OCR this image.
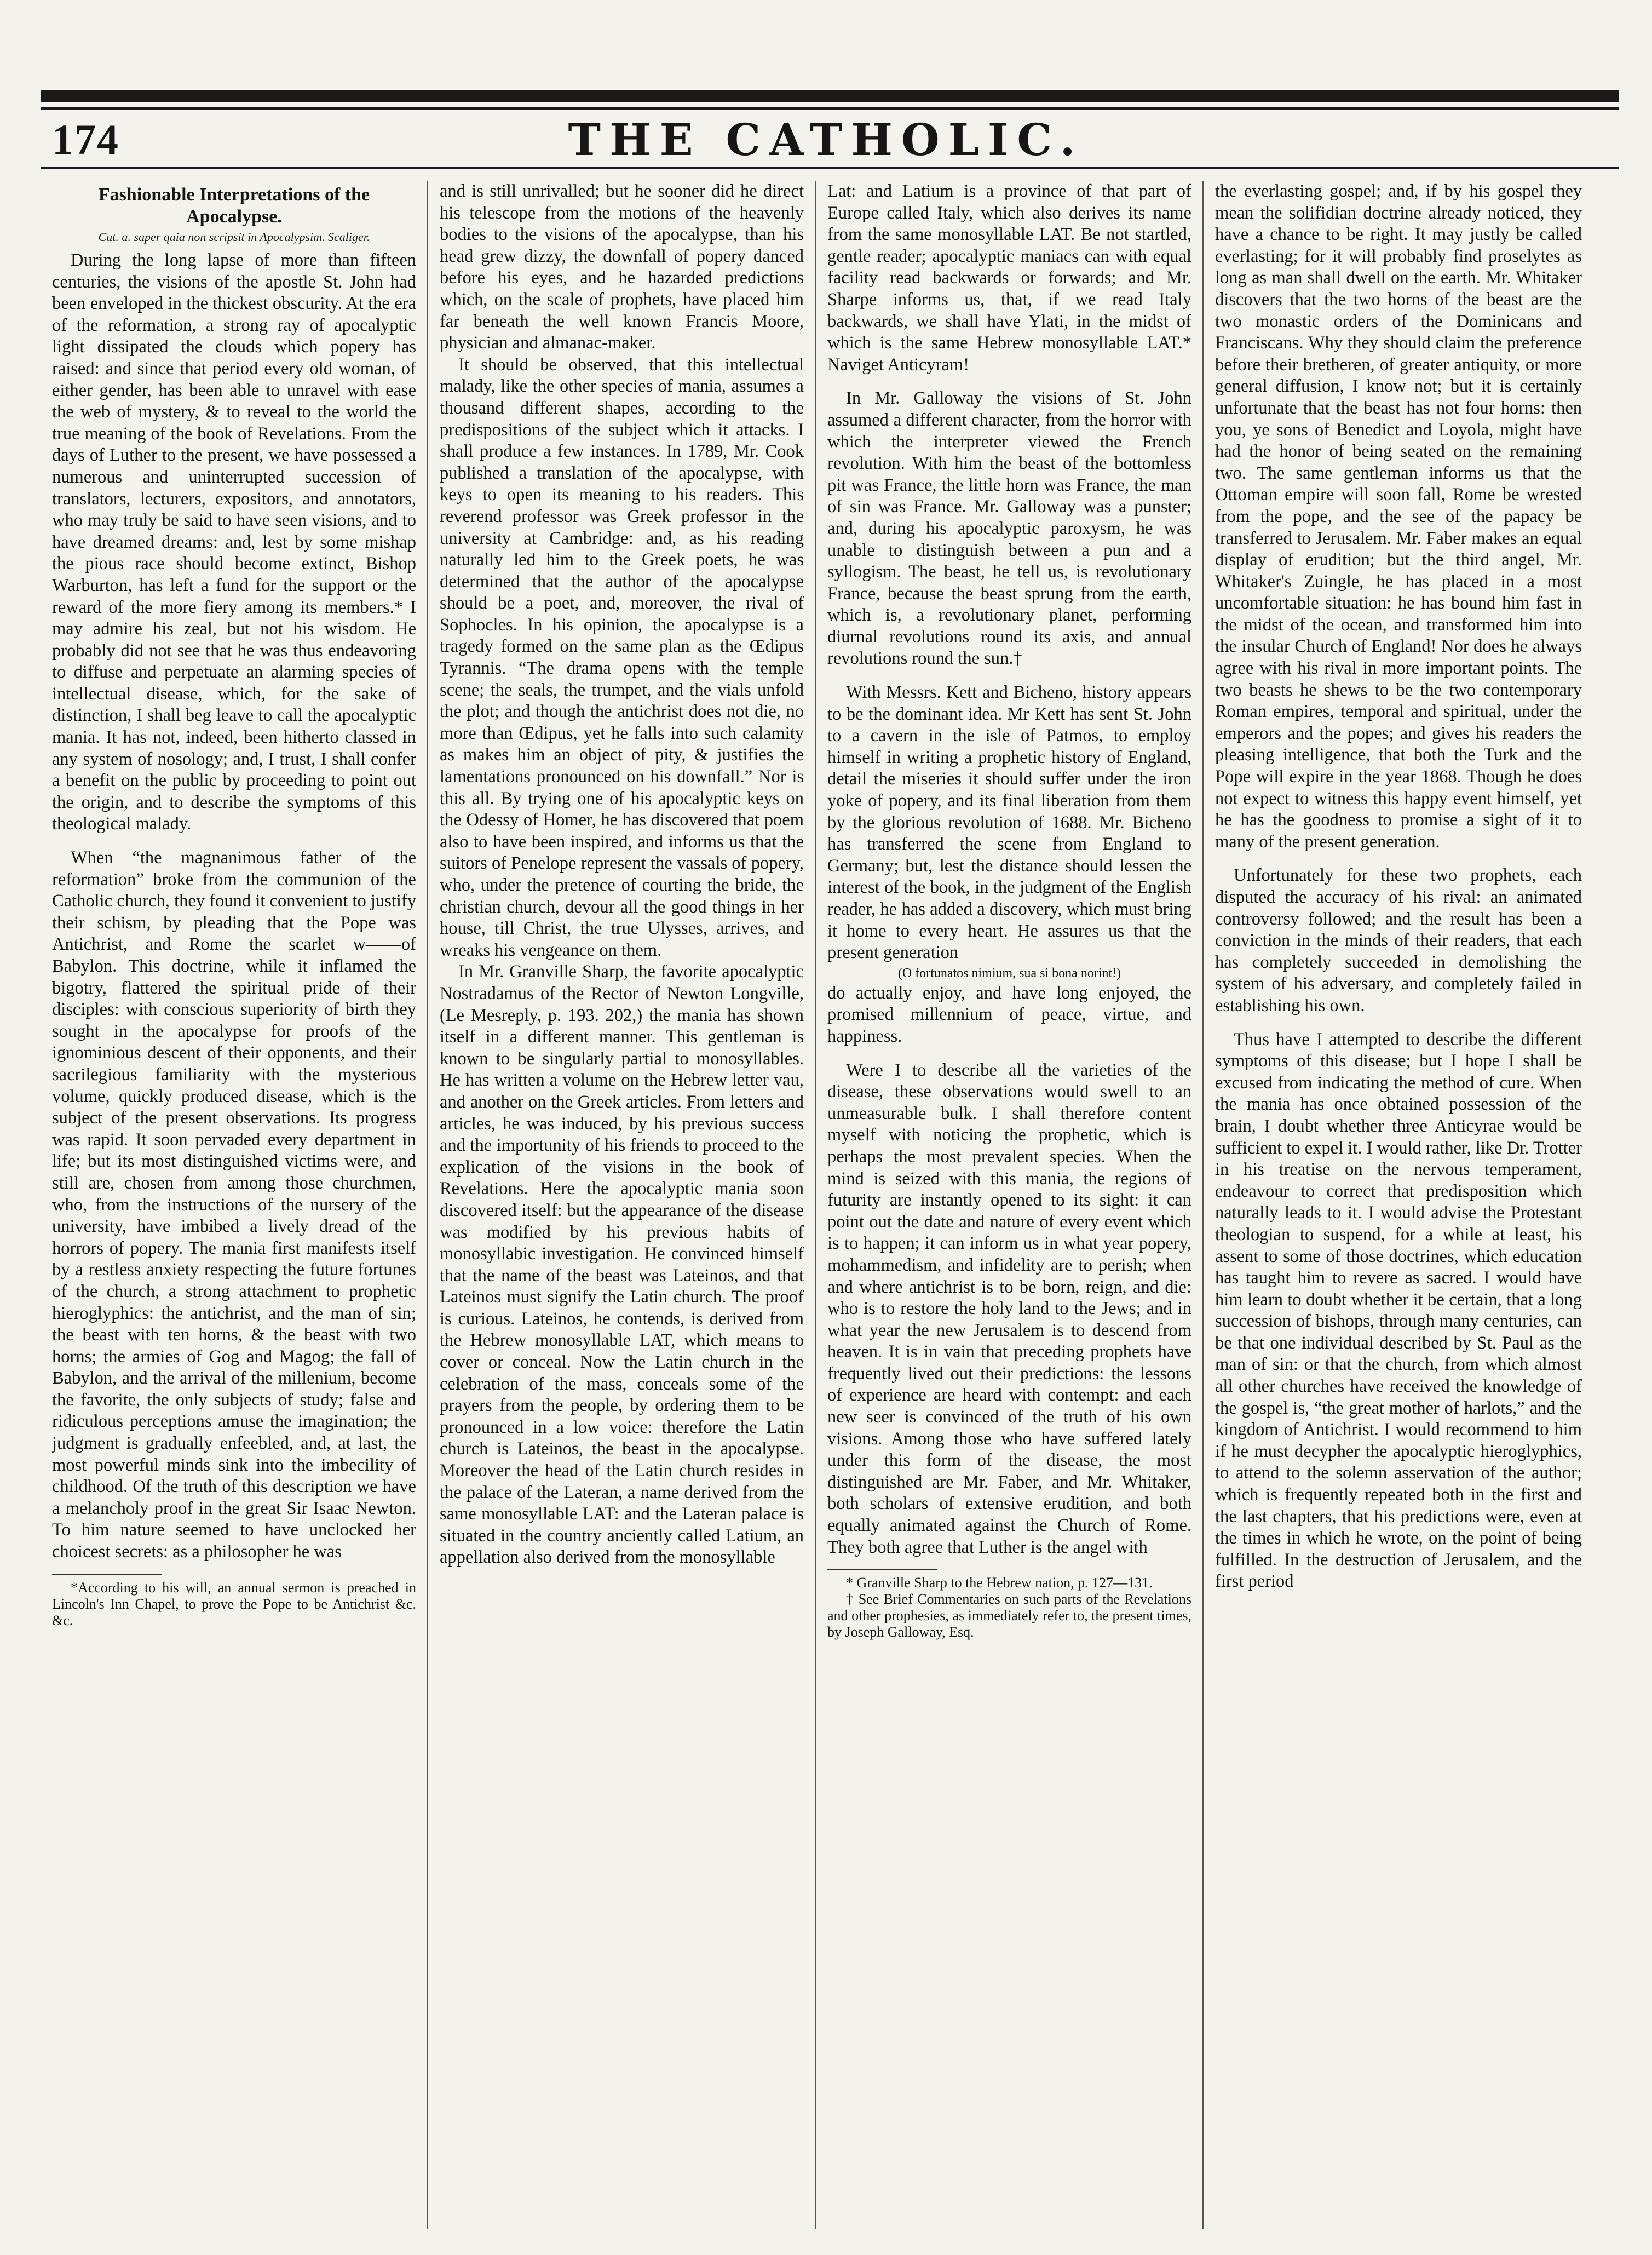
174	THE CATHOLIC.
Fashionable Interpretations of the Apocalypse.
Cut. a. saper quia non scripsit in Apocalypsim. Scaliger.

During the long lapse of more than fifteen centuries, the visions of the apostle St. John had been enveloped in the thickest obscurity. At the era of the reformation, a strong ray of apocalyptic light dissipated the clouds which popery has raised: and since that period every old woman, of either gender, has been able to unravel with ease the web of mystery, & to reveal to the world the true meaning of the book of Revelations. From the days of Luther to the present, we have possessed a numerous and uninterrupted succession of translators, lecturers, expositors, and annotators, who may truly be said to have seen visions, and to have dreamed dreams: and, lest by some mishap the pious race should become extinct, Bishop Warburton, has left a fund for the support or the reward of the more fiery among its members.* I may admire his zeal, but not his wisdom. He probably did not see that he was thus endeavoring to diffuse and perpetuate an alarming species of intellectual disease, which, for the sake of distinction, I shall beg leave to call the apocalyptic mania. It has not, indeed, been hitherto classed in any system of nosology; and, I trust, I shall confer a benefit on the public by proceeding to point out the origin, and to describe the symptoms of this theological malady.

When “the magnanimous father of the reformation” broke from the communion of the Catholic church, they found it convenient to justify their schism, by pleading that the Pope was Antichrist, and Rome the scarlet w——of Babylon. This doctrine, while it inflamed the bigotry, flattered the spiritual pride of their disciples: with conscious superiority of birth they sought in the apocalypse for proofs of the ignominious descent of their opponents, and their sacrilegious familiarity with the mysterious volume, quickly produced disease, which is the subject of the present observations. Its progress was rapid. It soon pervaded every department in life; but its most distinguished victims were, and still are, chosen from among those churchmen, who, from the instructions of the nursery of the university, have imbibed a lively dread of the horrors of popery. The mania first manifests itself by a restless anxiety respecting the future fortunes of the church, a strong attachment to prophetic hieroglyphics: the antichrist, and the man of sin; the beast with ten horns, & the beast with two horns; the armies of Gog and Magog; the fall of Babylon, and the arrival of the millenium, become the favorite, the only subjects of study; false and ridiculous perceptions amuse the imagination; the judgment is gradually enfeebled, and, at last, the most powerful minds sink into the imbecility of childhood. Of the truth of this description we have a melancholy proof in the great Sir Isaac Newton. To him nature seemed to have unclocked her choicest secrets: as a philosopher he was

*According to his will, an annual sermon is preached in Lincoln's Inn Chapel, to prove the Pope to be Antichrist &c. &c.

and is still unrivalled; but he sooner did he direct his telescope from the motions of the heavenly bodies to the visions of the apocalypse, than his head grew dizzy, the downfall of popery danced before his eyes, and he hazarded predictions which, on the scale of prophets, have placed him far beneath the well known Francis Moore, physician and almanac-maker.

It should be observed, that this intellectual malady, like the other species of mania, assumes a thousand different shapes, according to the predispositions of the subject which it attacks. I shall produce a few instances. In 1789, Mr. Cook published a translation of the apocalypse, with keys to open its meaning to his readers. This reverend professor was Greek professor in the university at Cambridge: and, as his reading naturally led him to the Greek poets, he was determined that the author of the apocalypse should be a poet, and, moreover, the rival of Sophocles. In his opinion, the apocalypse is a tragedy formed on the same plan as the Œdipus Tyrannis. “The drama opens with the temple scene; the seals, the trumpet, and the vials unfold the plot; and though the antichrist does not die, no more than Œdipus, yet he falls into such calamity as makes him an object of pity, & justifies the lamentations pronounced on his downfall.” Nor is this all. By trying one of his apocalyptic keys on the Odessy of Homer, he has discovered that poem also to have been inspired, and informs us that the suitors of Penelope represent the vassals of popery, who, under the pretence of courting the bride, the christian church, devour all the good things in her house, till Christ, the true Ulysses, arrives, and wreaks his vengeance on them.

In Mr. Granville Sharp, the favorite apocalyptic Nostradamus of the Rector of Newton Longville, (Le Mesreply, p. 193. 202,) the mania has shown itself in a different manner. This gentleman is known to be singularly partial to monosyllables. He has written a volume on the Hebrew letter vau, and another on the Greek articles. From letters and articles, he was induced, by his previous success and the importunity of his friends to proceed to the explication of the visions in the book of Revelations. Here the apocalyptic mania soon discovered itself: but the appearance of the disease was modified by his previous habits of monosyllabic investigation. He convinced himself that the name of the beast was Lateinos, and that Lateinos must signify the Latin church. The proof is curious. Lateinos, he contends, is derived from the Hebrew monosyllable LAT, which means to cover or conceal. Now the Latin church in the celebration of the mass, conceals some of the prayers from the people, by ordering them to be pronounced in a low voice: therefore the Latin church is Lateinos, the beast in the apocalypse. Moreover the head of the Latin church resides in the palace of the Lateran, a name derived from the same monosyllable LAT: and the Lateran palace is situated in the country anciently called Latium, an appellation also derived from the monosyllable

Lat: and Latium is a province of that part of Europe called Italy, which also derives its name from the same monosyllable LAT. Be not startled, gentle reader; apocalyptic maniacs can with equal facility read backwards or forwards; and Mr. Sharpe informs us, that, if we read Italy backwards, we shall have Ylati, in the midst of which is the same Hebrew monosyllable LAT.* Naviget Anticyram!

In Mr. Galloway the visions of St. John assumed a different character, from the horror with which the interpreter viewed the French revolution. With him the beast of the bottomless pit was France, the little horn was France, the man of sin was France. Mr. Galloway was a punster; and, during his apocalyptic paroxysm, he was unable to distinguish between a pun and a syllogism. The beast, he tell us, is revolutionary France, because the beast sprung from the earth, which is, a revolutionary planet, performing diurnal revolutions round its axis, and annual revolutions round the sun.†

With Messrs. Kett and Bicheno, history appears to be the dominant idea. Mr Kett has sent St. John to a cavern in the isle of Patmos, to employ himself in writing a prophetic history of England, detail the miseries it should suffer under the iron yoke of popery, and its final liberation from them by the glorious revolution of 1688. Mr. Bicheno has transferred the scene from England to Germany; but, lest the distance should lessen the interest of the book, in the judgment of the English reader, he has added a discovery, which must bring it home to every heart. He assures us that the present generation

(O fortunatos nimium, sua si bona norint!)

do actually enjoy, and have long enjoyed, the promised millennium of peace, virtue, and happiness.

Were I to describe all the varieties of the disease, these observations would swell to an unmeasurable bulk. I shall therefore content myself with noticing the prophetic, which is perhaps the most prevalent species. When the mind is seized with this mania, the regions of futurity are instantly opened to its sight: it can point out the date and nature of every event which is to happen; it can inform us in what year popery, mohammedism, and infidelity are to perish; when and where antichrist is to be born, reign, and die: who is to restore the holy land to the Jews; and in what year the new Jerusalem is to descend from heaven. It is in vain that preceding prophets have frequently lived out their predictions: the lessons of experience are heard with contempt: and each new seer is convinced of the truth of his own visions. Among those who have suffered lately under this form of the disease, the most distinguished are Mr. Faber, and Mr. Whitaker, both scholars of extensive erudition, and both equally animated against the Church of Rome. They both agree that Luther is the angel with

* Granville Sharp to the Hebrew nation, p. 127—131.

† See Brief Commentaries on such parts of the Revelations and other prophesies, as immediately refer to, the present times, by Joseph Galloway, Esq.

the everlasting gospel; and, if by his gospel they mean the solifidian doctrine already noticed, they have a chance to be right. It may justly be called everlasting; for it will probably find proselytes as long as man shall dwell on the earth. Mr. Whitaker discovers that the two horns of the beast are the two monastic orders of the Dominicans and Franciscans. Why they should claim the preference before their bretheren, of greater antiquity, or more general diffusion, I know not; but it is certainly unfortunate that the beast has not four horns: then you, ye sons of Benedict and Loyola, might have had the honor of being seated on the remaining two. The same gentleman informs us that the Ottoman empire will soon fall, Rome be wrested from the pope, and the see of the papacy be transferred to Jerusalem. Mr. Faber makes an equal display of erudition; but the third angel, Mr. Whitaker's Zuingle, he has placed in a most uncomfortable situation: he has bound him fast in the midst of the ocean, and transformed him into the insular Church of England! Nor does he always agree with his rival in more important points. The two beasts he shews to be the two contemporary Roman empires, temporal and spiritual, under the emperors and the popes; and gives his readers the pleasing intelligence, that both the Turk and the Pope will expire in the year 1868. Though he does not expect to witness this happy event himself, yet he has the goodness to promise a sight of it to many of the present generation.

Unfortunately for these two prophets, each disputed the accuracy of his rival: an animated controversy followed; and the result has been a conviction in the minds of their readers, that each has completely succeeded in demolishing the system of his adversary, and completely failed in establishing his own.

Thus have I attempted to describe the different symptoms of this disease; but I hope I shall be excused from indicating the method of cure. When the mania has once obtained possession of the brain, I doubt whether three Anticyrae would be sufficient to expel it. I would rather, like Dr. Trotter in his treatise on the nervous temperament, endeavour to correct that predisposition which naturally leads to it. I would advise the Protestant theologian to suspend, for a while at least, his assent to some of those doctrines, which education has taught him to revere as sacred. I would have him learn to doubt whether it be certain, that a long succession of bishops, through many centuries, can be that one individual described by St. Paul as the man of sin: or that the church, from which almost all other churches have received the knowledge of the gospel is, “the great mother of harlots,” and the kingdom of Antichrist. I would recommend to him if he must decypher the apocalyptic hieroglyphics, to attend to the solemn asservation of the author; which is frequently repeated both in the first and the last chapters, that his predictions were, even at the times in which he wrote, on the point of being fulfilled. In the destruction of Jerusalem, and the first period
